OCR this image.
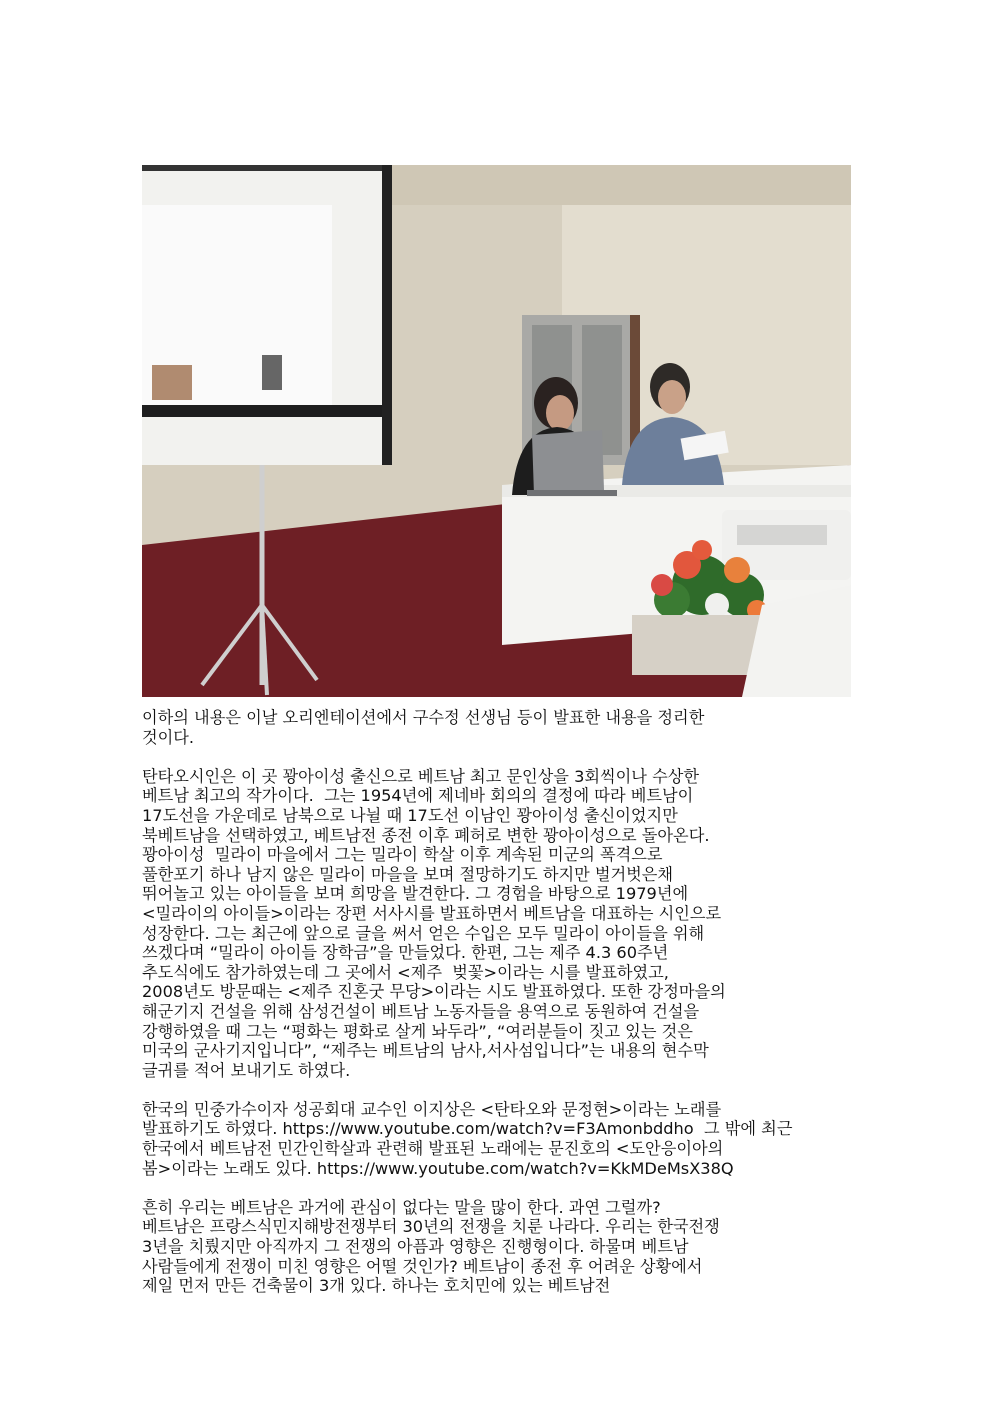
이하의 내용은 이날 오리엔테이션에서 구수정 선생님 등이 발표한 내용을 정리한
것이다.
탄타오시인은 이 곳 꽝아이성 출신으로 베트남 최고 문인상을 3회씩이나 수상한
베트남 최고의 작가이다.  그는 1954년에 제네바 회의의 결정에 따라 베트남이
17도선을 가운데로 남북으로 나뉠 때 17도선 이남인 꽝아이성 출신이었지만
북베트남을 선택하였고, 베트남전 종전 이후 폐허로 변한 꽝아이성으로 돌아온다.
꽝아이성  밀라이 마을에서 그는 밀라이 학살 이후 계속된 미군의 폭격으로
풀한포기 하나 남지 않은 밀라이 마을을 보며 절망하기도 하지만 벌거벗은채
뛰어놀고 있는 아이들을 보며 희망을 발견한다. 그 경험을 바탕으로 1979년에
<밀라이의 아이들>이라는 장편 서사시를 발표하면서 베트남을 대표하는 시인으로
성장한다. 그는 최근에 앞으로 글을 써서 얻은 수입은 모두 밀라이 아이들을 위해
쓰겠다며 “밀라이 아이들 장학금”을 만들었다. 한편, 그는 제주 4.3 60주년
추도식에도 참가하였는데 그 곳에서 <제주  벚꽃>이라는 시를 발표하였고,
2008년도 방문때는 <제주 진혼굿 무당>이라는 시도 발표하였다. 또한 강정마을의
해군기지 건설을 위해 삼성건설이 베트남 노동자들을 용역으로 동원하여 건설을
강행하였을 때 그는 “평화는 평화로 살게 놔두라”, “여러분들이 짓고 있는 것은
미국의 군사기지입니다”, “제주는 베트남의 남사,서사섬입니다”는 내용의 현수막
글귀를 적어 보내기도 하였다.
한국의 민중가수이자 성공회대 교수인 이지상은 <탄타오와 문정현>이라는 노래를
발표하기도 하였다. https://www.youtube.com/watch?v=F3Amonbddho  그 밖에 최근
한국에서 베트남전 민간인학살과 관련해 발표된 노래에는 문진호의 <도안응이아의
봄>이라는 노래도 있다. https://www.youtube.com/watch?v=KkMDeMsX38Q
흔히 우리는 베트남은 과거에 관심이 없다는 말을 많이 한다. 과연 그럴까?
베트남은 프랑스식민지해방전쟁부터 30년의 전쟁을 치룬 나라다. 우리는 한국전쟁
3년을 치뤘지만 아직까지 그 전쟁의 아픔과 영향은 진행형이다. 하물며 베트남
사람들에게 전쟁이 미친 영향은 어떨 것인가? 베트남이 종전 후 어려운 상황에서
제일 먼저 만든 건축물이 3개 있다. 하나는 호치민에 있는 베트남전
